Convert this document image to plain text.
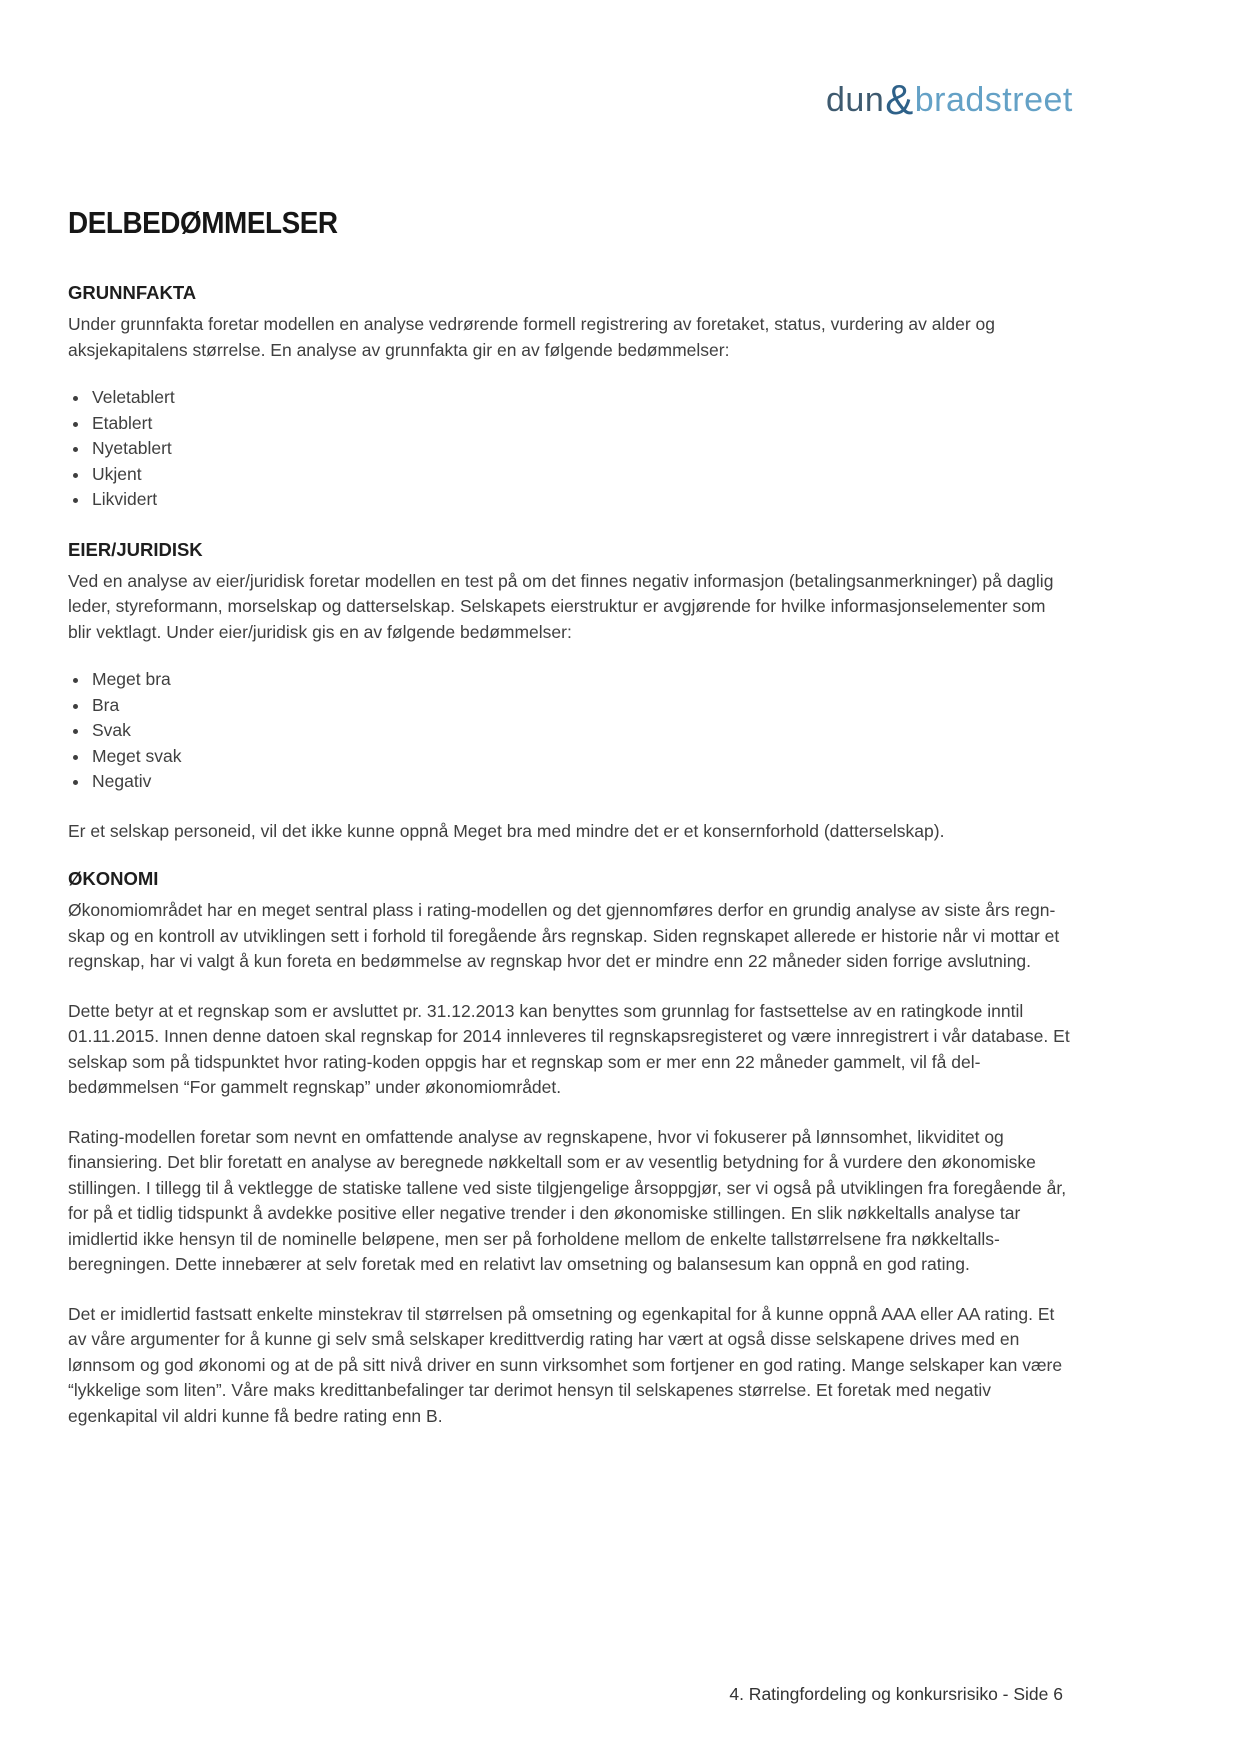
dun&bradstreet
DELBEDØMMELSER
GRUNNFAKTA

Under grunnfakta foretar modellen en analyse vedrørende formell registrering av foretaket, status, vurdering av alder og aksjekapitalens størrelse. En analyse av grunnfakta gir en av følgende bedømmelser:

• Veletablert
• Etablert
• Nyetablert
• Ukjent
• Likvidert
EIER/JURIDISK

Ved en analyse av eier/juridisk foretar modellen en test på om det finnes negativ informasjon (betalingsanmerkninger) på daglig leder, styreformann, morselskap og datterselskap. Selskapets eierstruktur er avgjørende for hvilke informasjonselementer som blir vektlagt. Under eier/juridisk gis en av følgende bedømmelser:

• Meget bra
• Bra
• Svak
• Meget svak
• Negativ

Er et selskap personeid, vil det ikke kunne oppnå Meget bra med mindre det er et konsernforhold (datterselskap).

ØKONOMI

Økonomiområdet har en meget sentral plass i rating-modellen og det gjennomføres derfor en grundig analyse av siste års regn- skap og en kontroll av utviklingen sett i forhold til foregående års regnskap. Siden regnskapet allerede er historie når vi mottar et regnskap, har vi valgt å kun foreta en bedømmelse av regnskap hvor det er mindre enn 22 måneder siden forrige avslutning.

Dette betyr at et regnskap som er avsluttet pr. 31.12.2013 kan benyttes som grunnlag for fastsettelse av en ratingkode inntil 01.11.2015. Innen denne datoen skal regnskap for 2014 innleveres til regnskapsregisteret og være innregistrert i vår database. Et selskap som på tidspunktet hvor rating-koden oppgis har et regnskap som er mer enn 22 måneder gammelt, vil få del- bedømmelsen “For gammelt regnskap” under økonomiområdet.

Rating-modellen foretar som nevnt en omfattende analyse av regnskapene, hvor vi fokuserer på lønnsomhet, likviditet og finansiering. Det blir foretatt en analyse av beregnede nøkkeltall som er av vesentlig betydning for å vurdere den økonomiske stillingen. I tillegg til å vektlegge de statiske tallene ved siste tilgjengelige årsoppgjør, ser vi også på utviklingen fra foregående år, for på et tidlig tidspunkt å avdekke positive eller negative trender i den økonomiske stillingen. En slik nøkkeltalls analyse tar imidlertid ikke hensyn til de nominelle beløpene, men ser på forholdene mellom de enkelte tallstørrelsene fra nøkkeltalls- beregningen. Dette innebærer at selv foretak med en relativt lav omsetning og balansesum kan oppnå en god rating.

Det er imidlertid fastsatt enkelte minstekrav til størrelsen på omsetning og egenkapital for å kunne oppnå AAA eller AA rating. Et av våre argumenter for å kunne gi selv små selskaper kredittverdig rating har vært at også disse selskapene drives med en lønnsom og god økonomi og at de på sitt nivå driver en sunn virksomhet som fortjener en god rating. Mange selskaper kan være “lykkelige som liten”. Våre maks kredittanbefalinger tar derimot hensyn til selskapenes størrelse. Et foretak med negativ egenkapital vil aldri kunne få bedre rating enn B.

4. Ratingfordeling og konkursrisiko - Side 6
